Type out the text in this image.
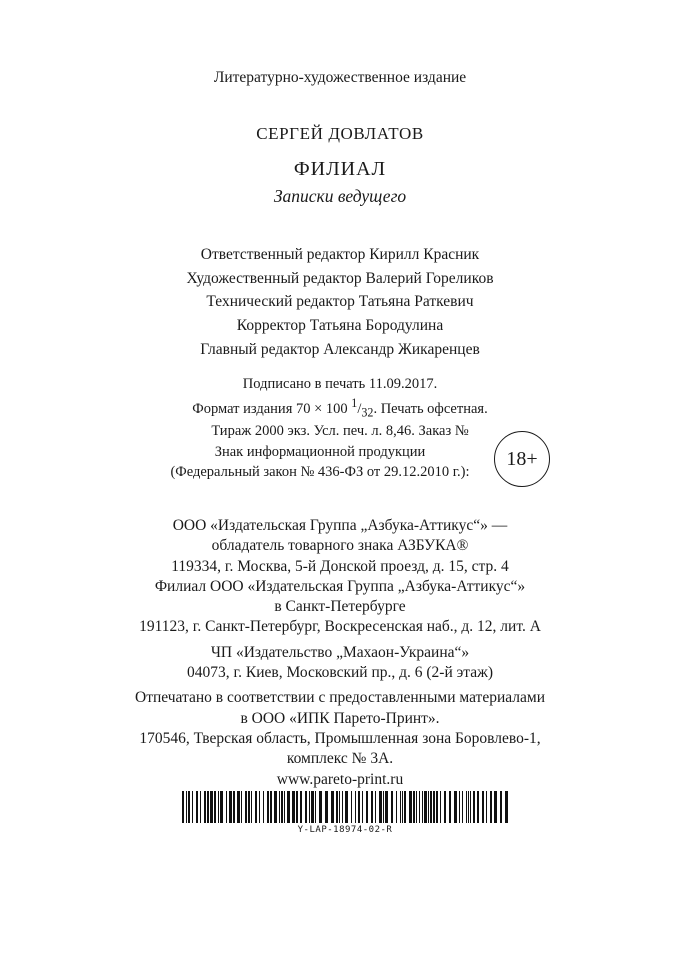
Литературно-художественное издание
СЕРГЕЙ ДОВЛАТОВ
ФИЛИАЛ
Записки ведущего
Ответственный редактор Кирилл Красник
Художественный редактор Валерий Гореликов
Технический редактор Татьяна Раткевич
Корректор Татьяна Бородулина
Главный редактор Александр Жикаренцев
Подписано в печать 11.09.2017.
Формат издания 70 × 100 $^1/_{32}$. Печать офсетная.
Тираж 2000 экз. Усл. печ. л. 8,46. Заказ №
Знак информационной продукции
(Федеральный закон № 436-ФЗ от 29.12.2010 г.):
18+
ООО «Издательская Группа „Азбука-Аттикус“» —
обладатель товарного знака АЗБУКА®
119334, г. Москва, 5-й Донской проезд, д. 15, стр. 4
Филиал ООО «Издательская Группа „Азбука-Аттикус“»
в Санкт-Петербурге
191123, г. Санкт-Петербург, Воскресенская наб., д. 12, лит. А
ЧП «Издательство „Махаон-Украина“»
04073, г. Киев, Московский пр., д. 6 (2-й этаж)
Отпечатано в соответствии с предоставленными материалами
в ООО «ИПК Парето-Принт».
170546, Тверская область, Промышленная зона Боровлево-1,
комплекс № 3А.
www.pareto-print.ru
Y-LAP-18974-02-R
